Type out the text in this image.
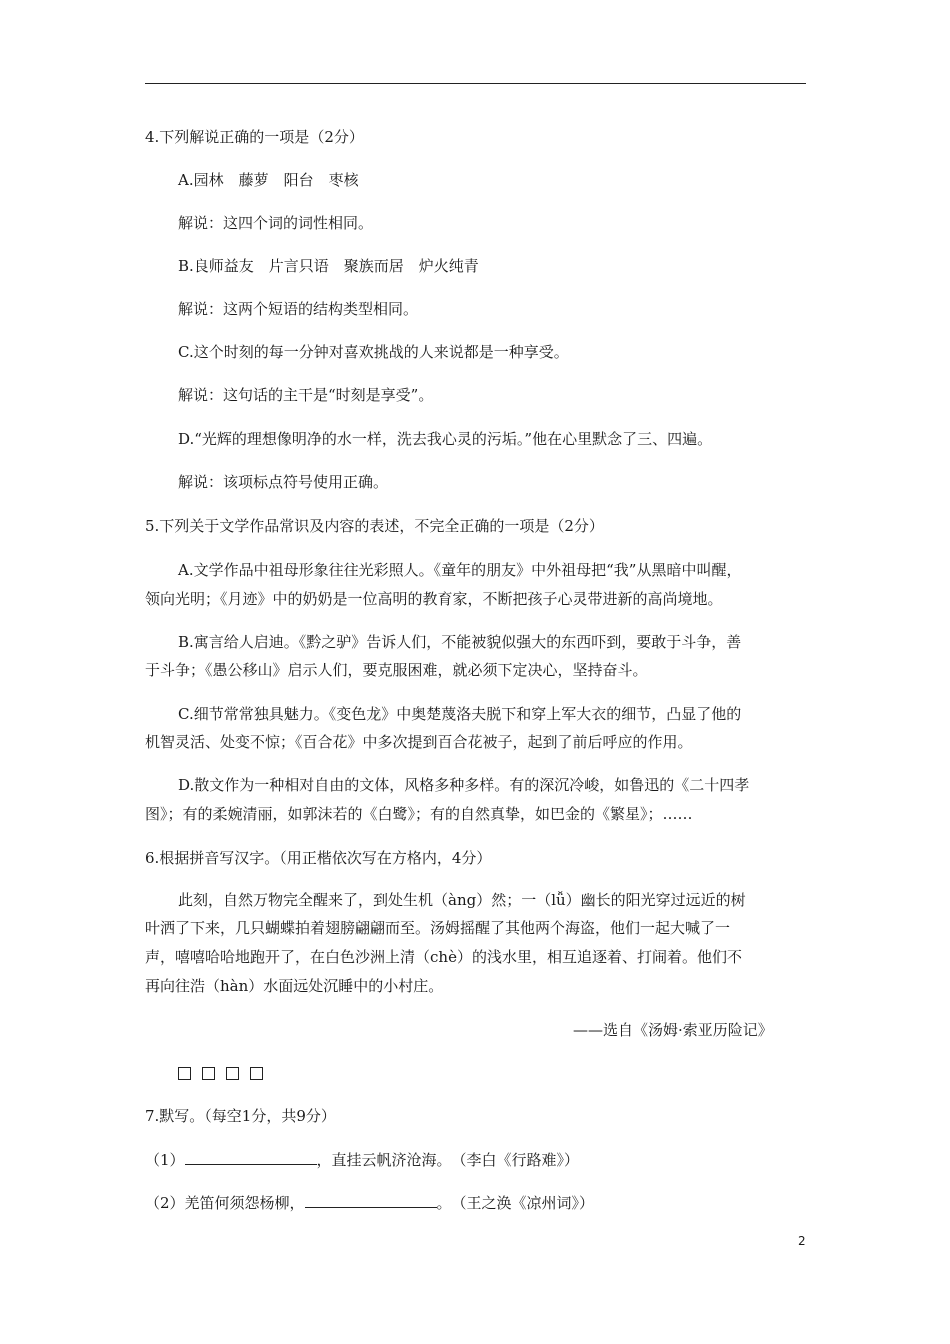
4.下列解说正确的一项是（2分）
A.园林　藤萝　阳台　枣核
解说：这四个词的词性相同。
B.良师益友　片言只语　聚族而居　炉火纯青
解说：这两个短语的结构类型相同。
C.这个时刻的每一分钟对喜欢挑战的人来说都是一种享受。
解说：这句话的主干是“时刻是享受”。
D.“光辉的理想像明净的水一样，洗去我心灵的污垢。”他在心里默念了三、四遍。
解说：该项标点符号使用正确。
5.下列关于文学作品常识及内容的表述，不完全正确的一项是（2分）
A.文学作品中祖母形象往往光彩照人。《童年的朋友》中外祖母把“我”从黑暗中叫醒，
领向光明；《月迹》中的奶奶是一位高明的教育家，不断把孩子心灵带进新的高尚境地。
B.寓言给人启迪。《黔之驴》告诉人们，不能被貌似强大的东西吓到，要敢于斗争，善
于斗争；《愚公移山》启示人们，要克服困难，就必须下定决心，坚持奋斗。
C.细节常常独具魅力。《变色龙》中奥楚蔑洛夫脱下和穿上军大衣的细节，凸显了他的
机智灵活、处变不惊；《百合花》中多次提到百合花被子，起到了前后呼应的作用。
D.散文作为一种相对自由的文体，风格多种多样。有的深沉冷峻，如鲁迅的《二十四孝
图》；有的柔婉清丽，如郭沫若的《白鹭》；有的自然真挚，如巴金的《繁星》；……
6.根据拼音写汉字。（用正楷依次写在方格内，4分）
此刻，自然万物完全醒来了，到处生机（àng）然；一（lǚ）幽长的阳光穿过远近的树
叶洒了下来，几只蝴蝶拍着翅膀翩翩而至。汤姆摇醒了其他两个海盗，他们一起大喊了一
声，嘻嘻哈哈地跑开了，在白色沙洲上清（chè）的浅水里，相互追逐着、打闹着。他们不
再向往浩（hàn）水面远处沉睡中的小村庄。
——选自《汤姆·索亚历险记》
7.默写。（每空1分，共9分）
（1）	，直挂云帆济沧海。　（李白《行路难》）
（2）羌笛何须怨杨柳，	。　（王之涣《凉州词》）
2
